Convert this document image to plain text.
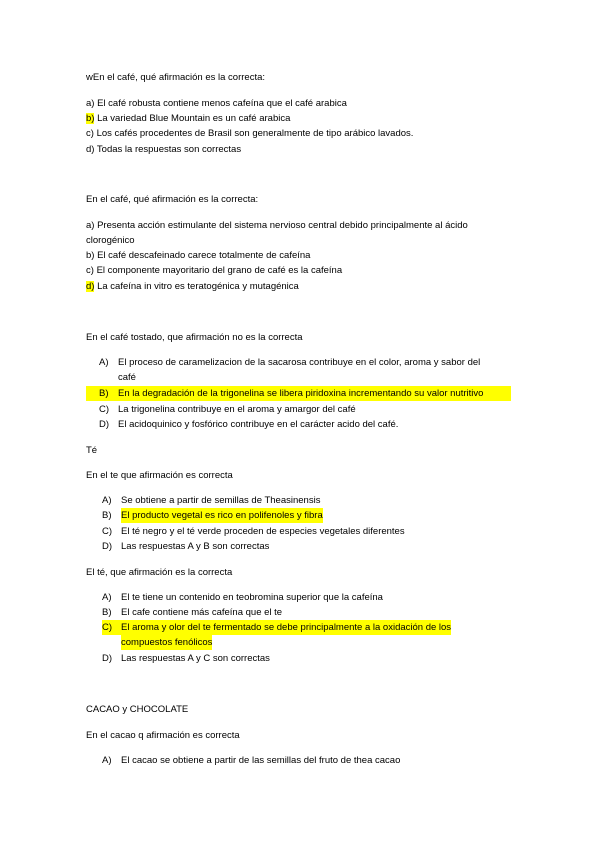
wEn el café, qué afirmación es la correcta:
a) El café robusta contiene menos cafeína que el café arabica
b) La variedad Blue Mountain es un café arabica
c) Los cafés procedentes de Brasil son generalmente de tipo arábico lavados.
d) Todas la respuestas son correctas
En el café, qué afirmación es la correcta:
a) Presenta acción estimulante del sistema nervioso central debido principalmente al ácido
clorogénico
b) El café descafeinado carece totalmente de cafeína
c) El componente mayoritario del grano de café es la cafeína
d) La cafeína in vitro es teratogénica y mutagénica
En el café tostado, que afirmación no es la correcta
A)	El proceso de caramelizacion de la sacarosa contribuye en el color, aroma y sabor del
café
B)	En la degradación de la trigonelina se libera piridoxina incrementando su valor nutritivo
C) La trigonelina contribuye en el aroma y amargor del café
D) El acidoquinico y fosfórico contribuye en el carácter acido del café.
Té
En el te que afirmación es correcta
A)	Se obtiene a partir de semillas de Theasinensis
B)	El producto vegetal es rico en polifenoles y fibra
C) El té negro y el té verde proceden de especies vegetales diferentes
D) Las respuestas A y B son correctas
El té, que afirmación es la correcta
A)	El te tiene un contenido en teobromina superior que la cafeína
B)	El cafe contiene más cafeína que el te
C) El aroma y olor del te fermentado se debe principalmente a la oxidación de los
compuestos fenólicos
D) Las respuestas A y C son correctas
CACAO y CHOCOLATE
En el cacao q afirmación es correcta
A)	El cacao se obtiene a partir de las semillas del fruto de thea cacao
